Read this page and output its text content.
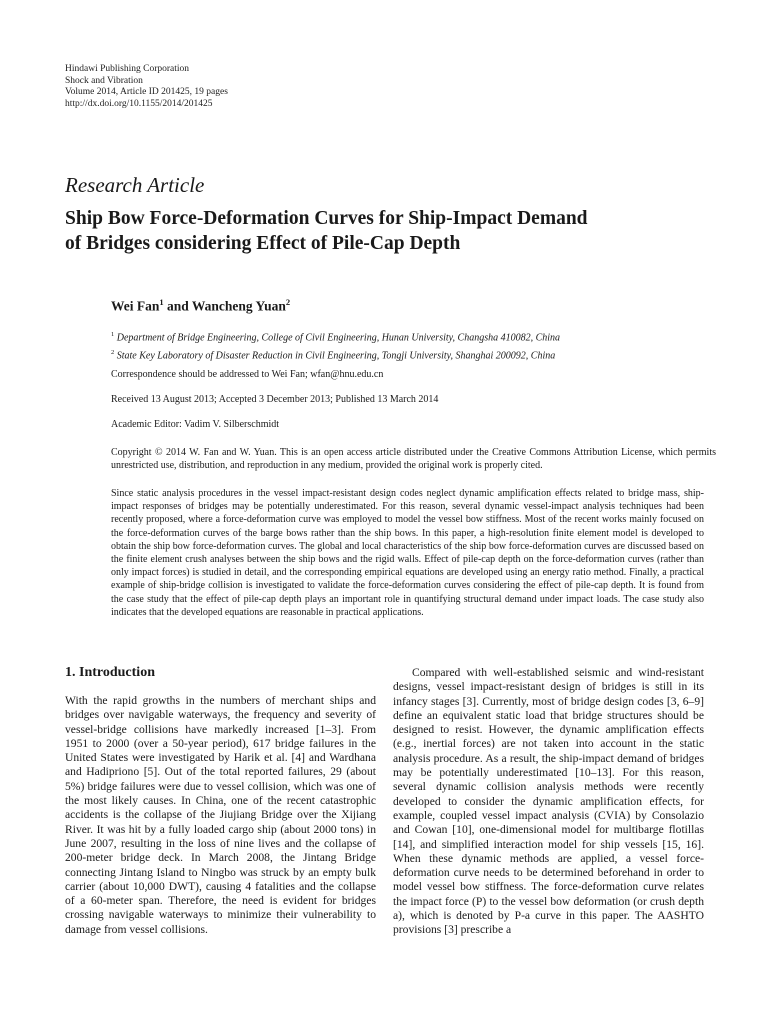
Hindawi Publishing Corporation
Shock and Vibration
Volume 2014, Article ID 201425, 19 pages
http://dx.doi.org/10.1155/2014/201425
Research Article
Ship Bow Force-Deformation Curves for Ship-Impact Demand
of Bridges considering Effect of Pile-Cap Depth
Wei Fan$^1$ and Wancheng Yuan$^2$
$^1$ Department of Bridge Engineering, College of Civil Engineering, Hunan University, Changsha 410082, China
$^2$ State Key Laboratory of Disaster Reduction in Civil Engineering, Tongji University, Shanghai 200092, China
Correspondence should be addressed to Wei Fan; wfan@hnu.edu.cn
Received 13 August 2013; Accepted 3 December 2013; Published 13 March 2014
Academic Editor: Vadim V. Silberschmidt
Copyright © 2014 W. Fan and W. Yuan. This is an open access article distributed under the Creative Commons Attribution License, which permits unrestricted use, distribution, and reproduction in any medium, provided the original work is properly cited.

Since static analysis procedures in the vessel impact-resistant design codes neglect dynamic amplification effects related to bridge mass, ship-impact responses of bridges may be potentially underestimated. For this reason, several dynamic vessel-impact analysis techniques had been recently proposed, where a force-deformation curve was employed to model the vessel bow stiffness. Most of the recent works mainly focused on the force-deformation curves of the barge bows rather than the ship bows. In this paper, a high-resolution finite element model is developed to obtain the ship bow force-deformation curves. The global and local characteristics of the ship bow force-deformation curves are discussed based on the finite element crush analyses between the ship bows and the rigid walls. Effect of pile-cap depth on the force-deformation curves (rather than only impact forces) is studied in detail, and the corresponding empirical equations are developed using an energy ratio method. Finally, a practical example of ship-bridge collision is investigated to validate the force-deformation curves considering the effect of pile-cap depth. It is found from the case study that the effect of pile-cap depth plays an important role in quantifying structural demand under impact loads. The case study also indicates that the developed equations are reasonable in practical applications.

1. Introduction

With the rapid growths in the numbers of merchant ships and bridges over navigable waterways, the frequency and severity of vessel-bridge collisions have markedly increased [1–3]. From 1951 to 2000 (over a 50-year period), 617 bridge failures in the United States were investigated by Harik et al. [4] and Wardhana and Hadipriono [5]. Out of the total reported failures, 29 (about 5%) bridge failures were due to vessel collision, which was one of the most likely causes. In China, one of the recent catastrophic accidents is the collapse of the Jiujiang Bridge over the Xijiang River. It was hit by a fully loaded cargo ship (about 2000 tons) in June 2007, resulting in the loss of nine lives and the collapse of 200-meter bridge deck. In March 2008, the Jintang Bridge connecting Jintang Island to Ningbo was struck by an empty bulk carrier (about 10,000 DWT), causing 4 fatalities and the collapse of a 60-meter span. Therefore, the need is evident for bridges crossing navigable waterways to minimize their vulnerability to damage from vessel collisions.

Compared with well-established seismic and wind-resistant designs, vessel impact-resistant design of bridges is still in its infancy stages [3]. Currently, most of bridge design codes [3, 6–9] define an equivalent static load that bridge structures should be designed to resist. However, the dynamic amplification effects (e.g., inertial forces) are not taken into account in the static analysis procedure. As a result, the ship-impact demand of bridges may be potentially underestimated [10–13]. For this reason, several dynamic collision analysis methods were recently developed to consider the dynamic amplification effects, for example, coupled vessel impact analysis (CVIA) by Consolazio and Cowan [10], one-dimensional model for multibarge flotillas [14], and simplified interaction model for ship vessels [15, 16]. When these dynamic methods are applied, a vessel force-deformation curve needs to be determined beforehand in order to model vessel bow stiffness. The force-deformation curve relates the impact force (P) to the vessel bow deformation (or crush depth a), which is denoted by P-a curve in this paper. The AASHTO provisions [3] prescribe a
